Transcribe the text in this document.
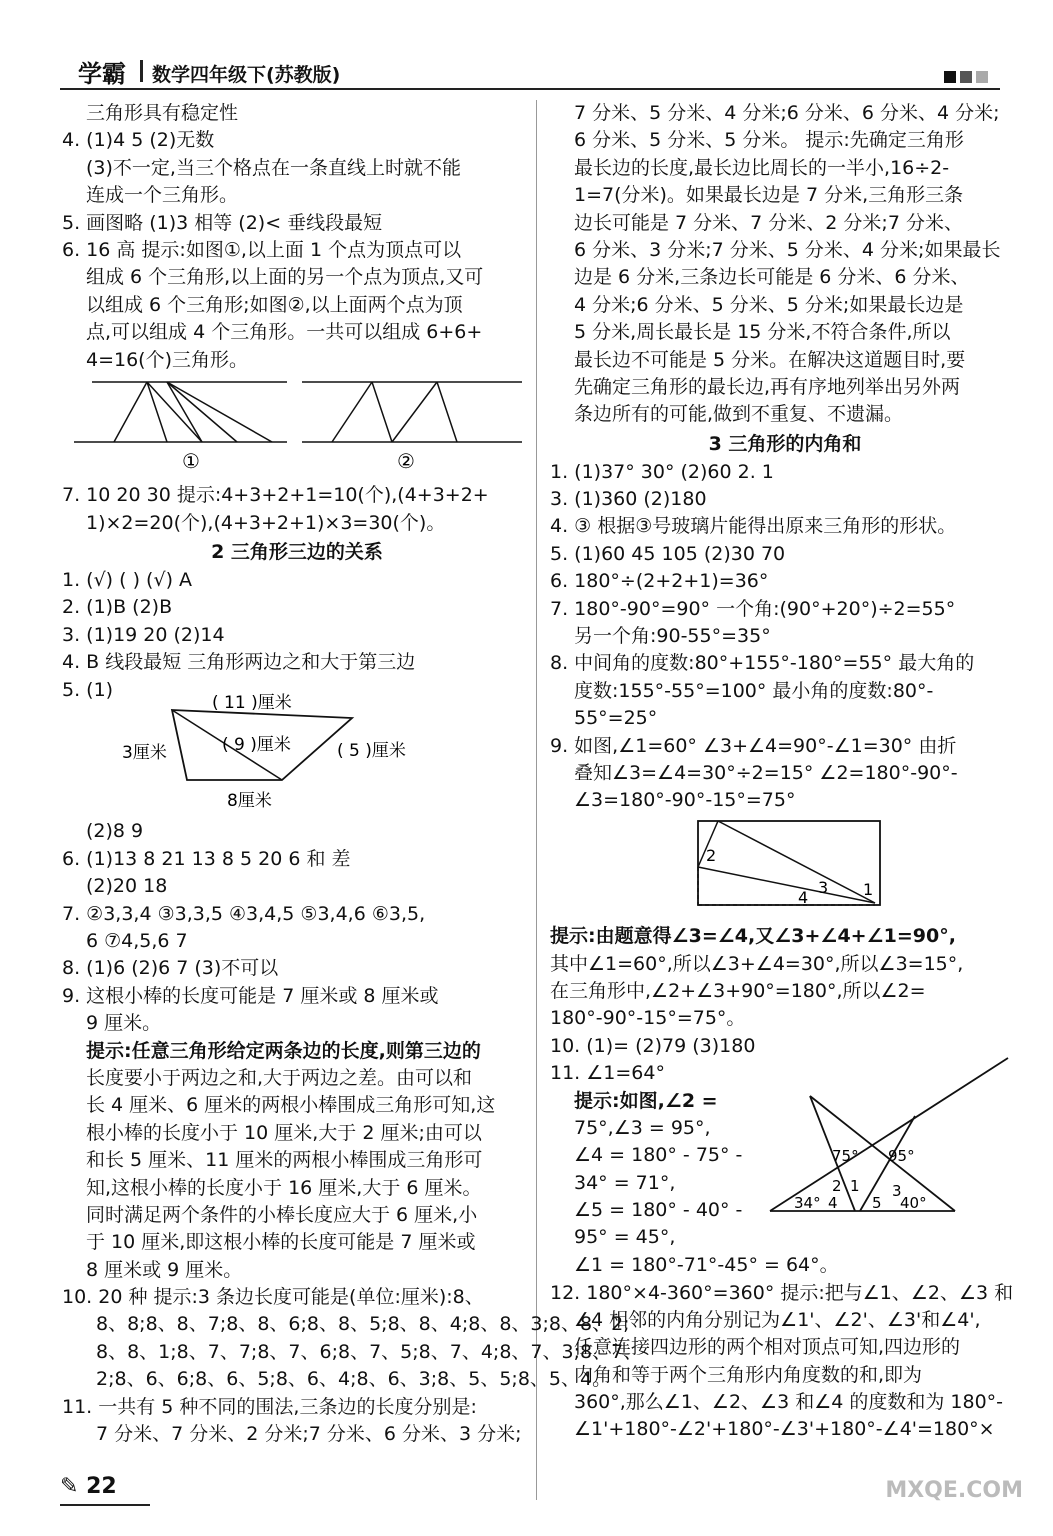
学霸 数学四年级下(苏教版)
三角形具有稳定性
4. (1)4 5 (2)无数
(3)不一定,当三个格点在一条直线上时就不能
连成一个三角形。
5. 画图略 (1)3 相等 (2)< 垂线段最短
6. 16 高 提示:如图①,以上面 1 个点为顶点可以
组成 6 个三角形,以上面的另一个点为顶点,又可
以组成 6 个三角形;如图②,以上面两个点为顶
点,可以组成 4 个三角形。一共可以组成 6+6+
4=16(个)三角形。
①	②
7. 10 20 30 提示:4+3+2+1=10(个),(4+3+2+
1)×2=20(个),(4+3+2+1)×3=30(个)。
2 三角形三边的关系
1. (√) ( ) (√) A
2. (1)B (2)B
3. (1)19 20 (2)14
4. B 线段最短 三角形两边之和大于第三边
5. (1)
( 11 )厘米
( 9 )厘米	( 5 )厘米
3厘米
8厘米
(2)8 9
6. (1)13 8 21 13 8 5 20 6 和 差
(2)20 18
7. ②3,3,4 ③3,3,5 ④3,4,5 ⑤3,4,6 ⑥3,5,
6 ⑦4,5,6 7
8. (1)6 (2)6 7 (3)不可以
9. 这根小棒的长度可能是 7 厘米或 8 厘米或
9 厘米。
提示:任意三角形给定两条边的长度,则第三边的
长度要小于两边之和,大于两边之差。由可以和
长 4 厘米、6 厘米的两根小棒围成三角形可知,这
根小棒的长度小于 10 厘米,大于 2 厘米;由可以
和长 5 厘米、11 厘米的两根小棒围成三角形可
知,这根小棒的长度小于 16 厘米,大于 6 厘米。
同时满足两个条件的小棒长度应大于 6 厘米,小
于 10 厘米,即这根小棒的长度可能是 7 厘米或
8 厘米或 9 厘米。
10. 20 种 提示:3 条边长度可能是(单位:厘米):8、
8、8;8、8、7;8、8、6;8、8、5;8、8、4;8、8、3;8、8、2;
8、8、1;8、7、7;8、7、6;8、7、5;8、7、4;8、7、3;8、7、
2;8、6、6;8、6、5;8、6、4;8、6、3;8、5、5;8、5、4。
11. 一共有 5 种不同的围法,三条边的长度分别是:
7 分米、7 分米、2 分米;7 分米、6 分米、3 分米;
7 分米、5 分米、4 分米;6 分米、6 分米、4 分米;
6 分米、5 分米、5 分米。 提示:先确定三角形
最长边的长度,最长边比周长的一半小,16÷2-
1=7(分米)。如果最长边是 7 分米,三角形三条
边长可能是 7 分米、7 分米、2 分米;7 分米、
6 分米、3 分米;7 分米、5 分米、4 分米;如果最长
边是 6 分米,三条边长可能是 6 分米、6 分米、
4 分米;6 分米、5 分米、5 分米;如果最长边是
5 分米,周长最长是 15 分米,不符合条件,所以
最长边不可能是 5 分米。在解决这道题目时,要
先确定三角形的最长边,再有序地列举出另外两
条边所有的可能,做到不重复、不遗漏。
3 三角形的内角和
1. (1)37° 30° (2)60 2. 1
3. (1)360 (2)180
4. ③ 根据③号玻璃片能得出原来三角形的形状。
5. (1)60 45 105 (2)30 70
6. 180°÷(2+2+1)=36°
7. 180°-90°=90° 一个角:(90°+20°)÷2=55°
另一个角:90-55°=35°
8. 中间角的度数:80°+155°-180°=55° 最大角的
度数:155°-55°=100° 最小角的度数:80°-
55°=25°
9. 如图,∠1=60° ∠3+∠4=90°-∠1=30° 由折
叠知∠3=∠4=30°÷2=15° ∠2=180°-90°-
∠3=180°-90°-15°=75°
2
3
4	1
提示:由题意得∠3=∠4,又∠3+∠4+∠1=90°,
其中∠1=60°,所以∠3+∠4=30°,所以∠3=15°,
在三角形中,∠2+∠3+90°=180°,所以∠2=
180°-90°-15°=75°。
10. (1)= (2)79 (3)180
11. ∠1=64°
提示:如图,∠2 =
75°,∠3 = 95°,
∠4 = 180° - 75° -
34° = 71°,
∠5 = 180° - 40° -
95° = 45°,
∠1 = 180°-71°-45° = 64°。
75° 95°
2 1 3
34° 4 5 40°
12. 180°×4-360°=360° 提示:把与∠1、∠2、∠3 和
∠4 相邻的内角分别记为∠1'、∠2'、∠3'和∠4',
任意连接四边形的两个相对顶点可知,四边形的
内角和等于两个三角形内角度数的和,即为
360°,那么∠1、∠2、∠3 和∠4 的度数和为 180°-
∠1'+180°-∠2'+180°-∠3'+180°-∠4'=180°×
✎ 22	MXQE.COM
